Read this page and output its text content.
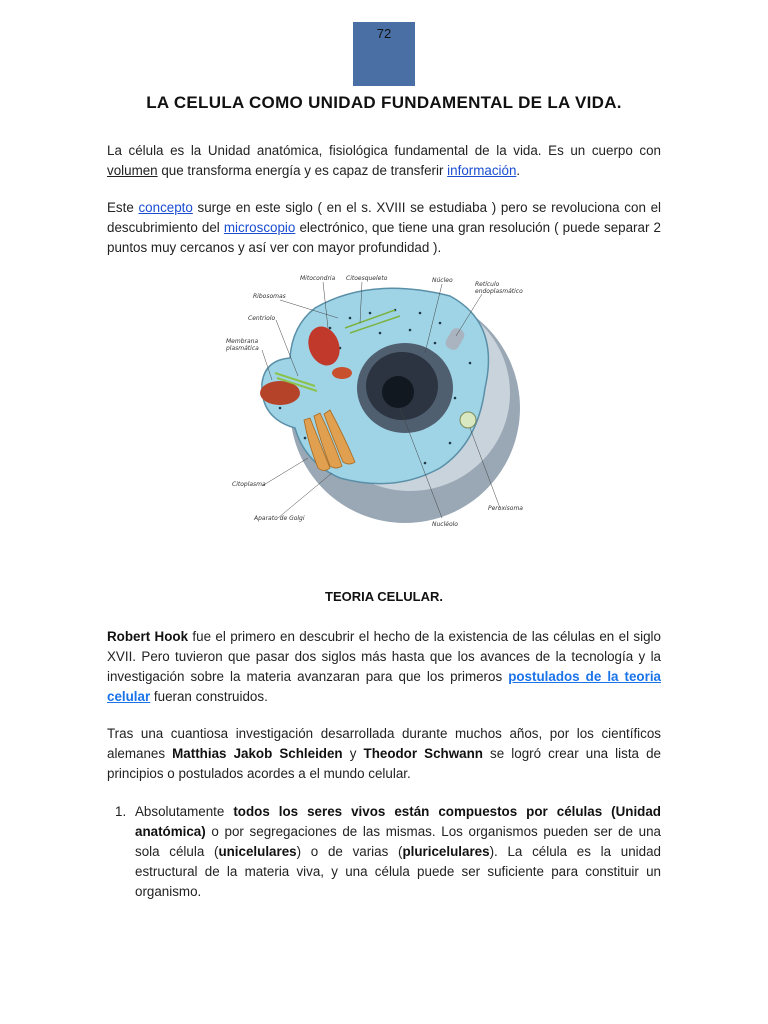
72
LA CELULA COMO UNIDAD FUNDAMENTAL DE LA VIDA.

La célula es la Unidad anatómica, fisiológica fundamental de la vida. Es un cuerpo con volumen que transforma energía y es capaz de transferir información.

Este concepto surge en este siglo ( en el s. XVIII se estudiaba ) pero se revoluciona con el descubrimiento del microscopio electrónico, que tiene una gran resolución ( puede separar 2 puntos muy cercanos y así ver con mayor profundidad ).

Mitocondria Citoesqueleto	Núcleo
Retículo
endoplasmático
Ribosomas
Centriolo
Membrana
plasmática
Citoplasma
Aparato de Golgi
Nucléolo
Peroxisoma
TEORIA CELULAR.

Robert Hook fue el primero en descubrir el hecho de la existencia de las células en el siglo XVII. Pero tuvieron que pasar dos siglos más hasta que los avances de la tecnología y la investigación sobre la materia avanzaran para que los primeros postulados de la teoria celular fueran construidos.

Tras una cuantiosa investigación desarrollada durante muchos años, por los científicos alemanes Matthias Jakob Schleiden y Theodor Schwann se logró crear una lista de principios o postulados acordes a el mundo celular.

1. Absolutamente todos los seres vivos están compuestos por células (Unidad anatómica) o por segregaciones de las mismas. Los organismos pueden ser de una sola célula (unicelulares) o de varias (pluricelulares). La célula es la unidad estructural de la materia viva, y una célula puede ser suficiente para constituir un organismo.
